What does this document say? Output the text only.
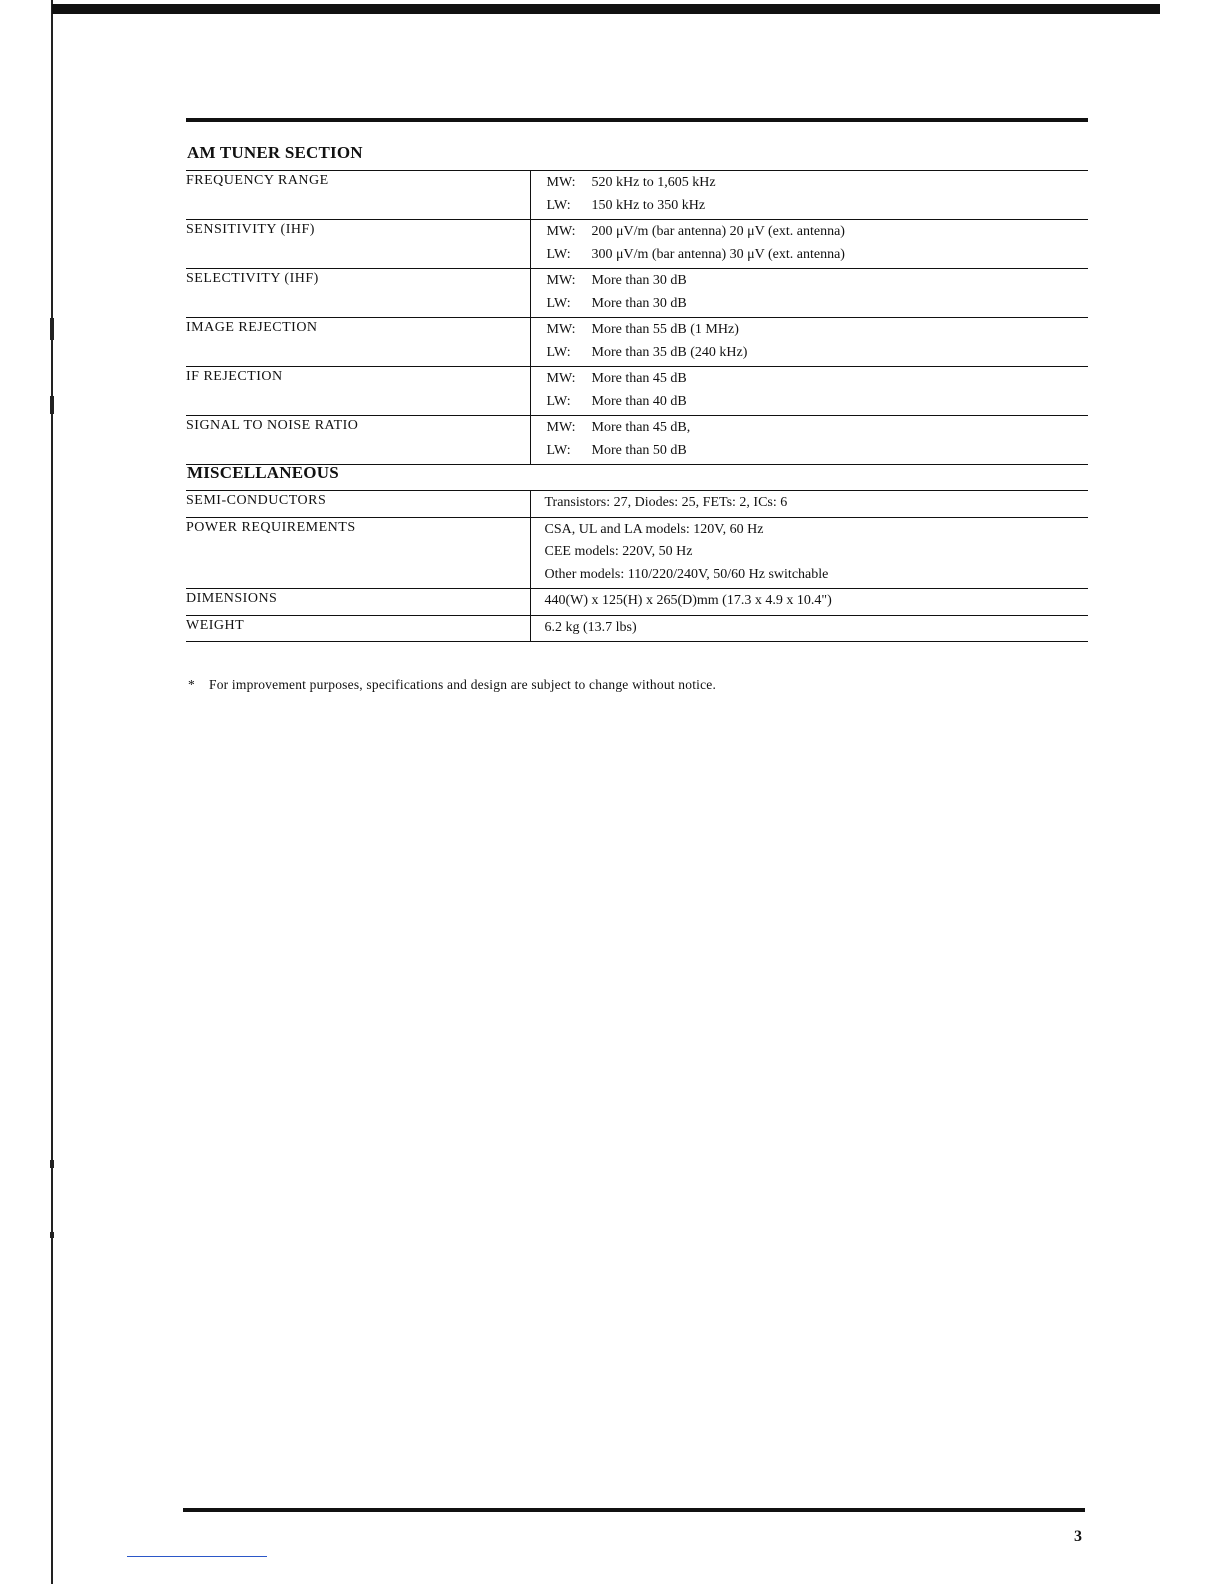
AM TUNER SECTION
FREQUENCY RANGE	MW: 520 kHz to 1,605 kHz
LW: 150 kHz to 350 kHz

SENSITIVITY (IHF)	MW: 200 μV/m (bar antenna) 20 μV (ext. antenna)
LW: 300 μV/m (bar antenna) 30 μV (ext. antenna)

SELECTIVITY (IHF)	MW: More than 30 dB
LW: More than 30 dB

IMAGE REJECTION	MW: More than 55 dB (1 MHz)
LW: More than 35 dB (240 kHz)

IF REJECTION	MW: More than 45 dB
LW: More than 40 dB

SIGNAL TO NOISE RATIO	MW: More than 45 dB,
LW: More than 50 dB
MISCELLANEOUS
SEMI-CONDUCTORS	Transistors: 27, Diodes: 25, FETs: 2, ICs: 6

POWER REQUIREMENTS	CSA, UL and LA models: 120V, 60 Hz
CEE models: 220V, 50 Hz
Other models: 110/220/240V, 50/60 Hz switchable

DIMENSIONS	440(W) x 125(H) x 265(D)mm (17.3 x 4.9 x 10.4")

WEIGHT	6.2 kg (13.7 lbs)
* For improvement purposes, specifications and design are subject to change without notice.
3
